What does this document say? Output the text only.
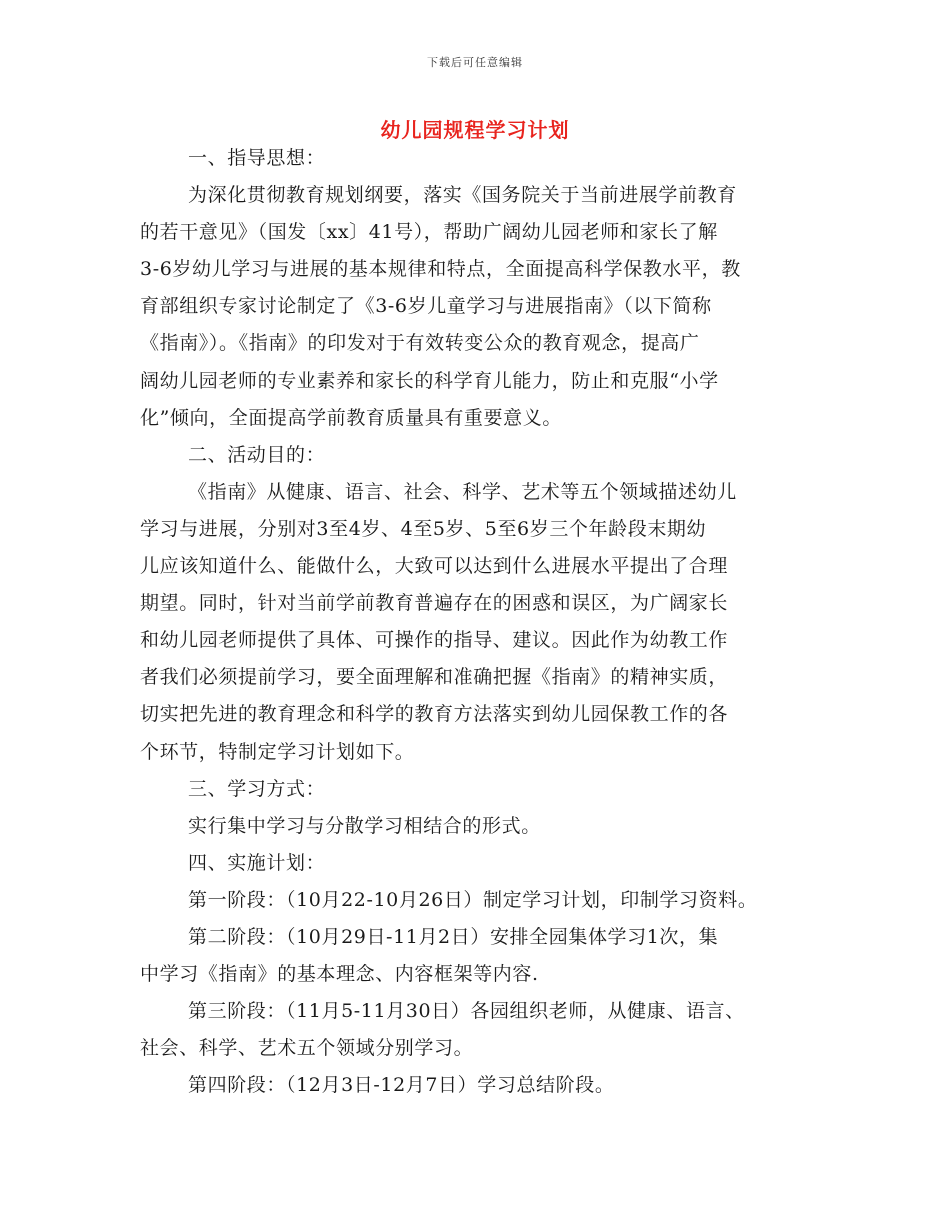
下载后可任意编辑
幼儿园规程学习计划
一、指导思想：
为深化贯彻教育规划纲要，落实《国务院关于当前进展学前教育
的若干意见》（国发〔xx〕41号），帮助广阔幼儿园老师和家长了解
3-6岁幼儿学习与进展的基本规律和特点，全面提高科学保教水平，教
育部组织专家讨论制定了《3-6岁儿童学习与进展指南》（以下简称
《指南》）。《指南》的印发对于有效转变公众的教育观念，提高广
阔幼儿园老师的专业素养和家长的科学育儿能力，防止和克服“小学
化”倾向，全面提高学前教育质量具有重要意义。
二、活动目的：
《指南》从健康、语言、社会、科学、艺术等五个领域描述幼儿
学习与进展，分别对3至4岁、4至5岁、5至6岁三个年龄段末期幼
儿应该知道什么、能做什么，大致可以达到什么进展水平提出了合理
期望。同时，针对当前学前教育普遍存在的困惑和误区，为广阔家长
和幼儿园老师提供了具体、可操作的指导、建议。因此作为幼教工作
者我们必须提前学习，要全面理解和准确把握《指南》的精神实质，
切实把先进的教育理念和科学的教育方法落实到幼儿园保教工作的各
个环节，特制定学习计划如下。
三、学习方式：
实行集中学习与分散学习相结合的形式。
四、实施计划：
第一阶段：（10月22-10月26日）制定学习计划，印制学习资料。
第二阶段：（10月29日-11月2日）安排全园集体学习1次，集
中学习《指南》的基本理念、内容框架等内容.
第三阶段：（11月5-11月30日）各园组织老师，从健康、语言、
社会、科学、艺术五个领域分别学习。
第四阶段：（12月3日-12月7日）学习总结阶段。
